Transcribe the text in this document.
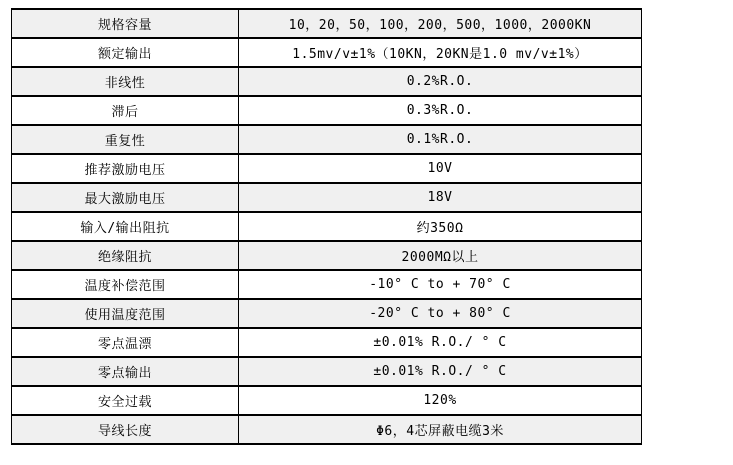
规格容量	10，20，50，100，200，500，1000，2000KN
额定输出	1.5mv/v±1%（10KN，20KN是1.0 mv/v±1%）
非线性	0.2%R.O.
滞后	0.3%R.O.
重复性	0.1%R.O.
推荐激励电压	10V
最大激励电压	18V
输入/输出阻抗	约350Ω
绝缘阻抗	2000MΩ以上
温度补偿范围	-10° C to + 70° C
使用温度范围	-20° C to + 80° C
零点温漂	±0.01% R.O./ ° C
零点输出	±0.01% R.O./ ° C
安全过载	120%
导线长度	Φ6，4芯屏蔽电缆3米
